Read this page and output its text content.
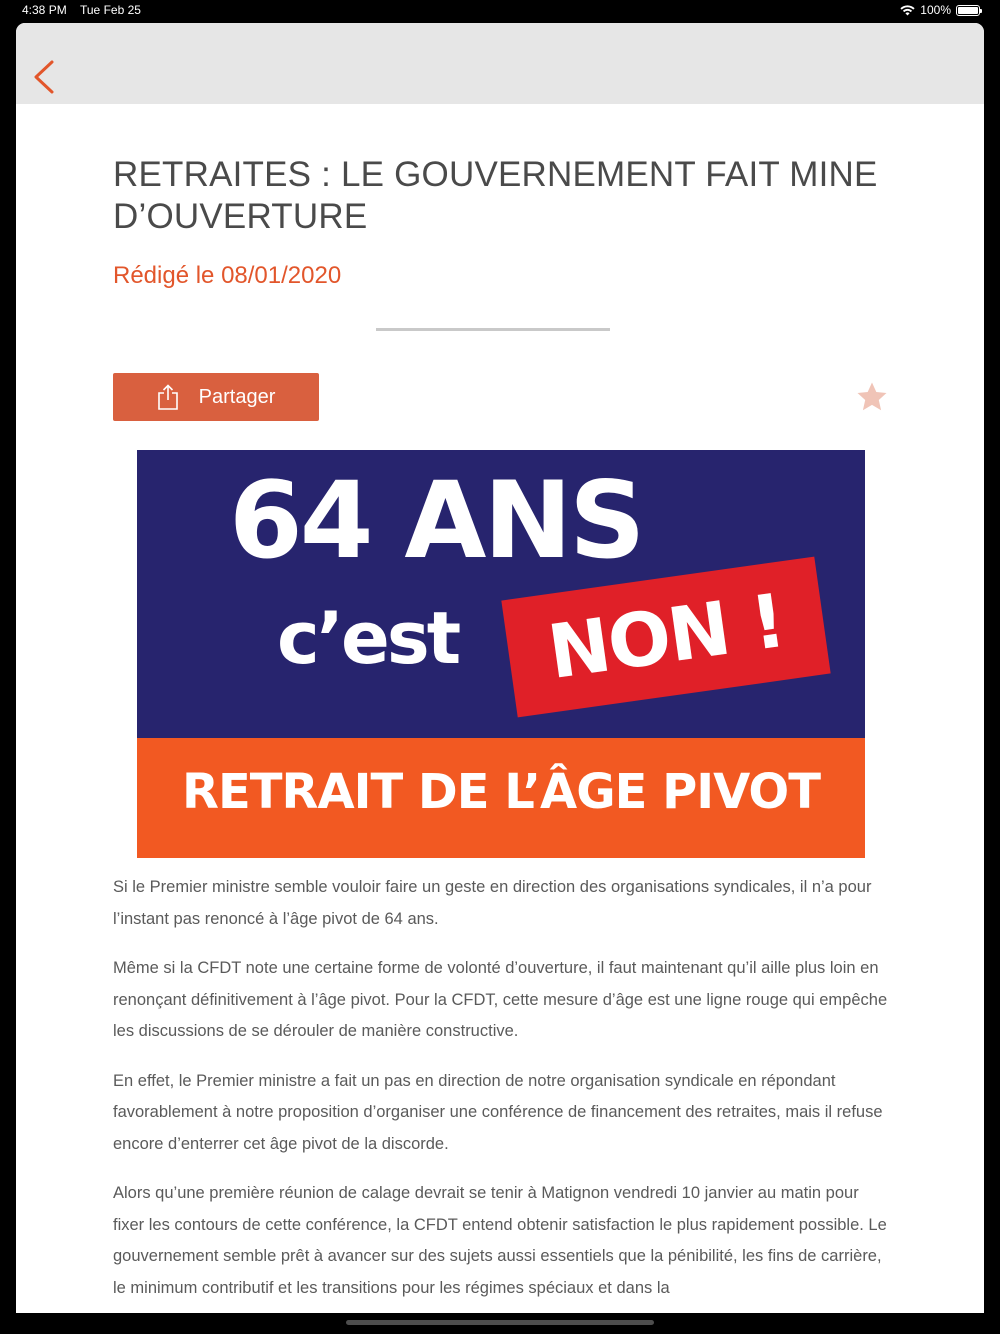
4:38 PM Tue Feb 25	100%
RETRAITES : LE GOUVERNEMENT FAIT MINE D’OUVERTURE
Rédigé le 08/01/2020
Partager
64 ANS
c’est NON !
RETRAIT DE L’ÂGE PIVOT

Si le Premier ministre semble vouloir faire un geste en direction des organisations syndicales, il n’a pour l’instant pas renoncé à l’âge pivot de 64 ans.

Même si la CFDT note une certaine forme de volonté d’ouverture, il faut maintenant qu’il aille plus loin en renonçant définitivement à l’âge pivot. Pour la CFDT, cette mesure d’âge est une ligne rouge qui empêche les discussions de se dérouler de manière constructive.

En effet, le Premier ministre a fait un pas en direction de notre organisation syndicale en répondant favorablement à notre proposition d’organiser une conférence de financement des retraites, mais il refuse encore d’enterrer cet âge pivot de la discorde.

Alors qu’une première réunion de calage devrait se tenir à Matignon vendredi 10 janvier au matin pour fixer les contours de cette conférence, la CFDT entend obtenir satisfaction le plus rapidement possible. Le gouvernement semble prêt à avancer sur des sujets aussi essentiels que la pénibilité, les fins de carrière, le minimum contributif et les transitions pour les régimes spéciaux et dans la
